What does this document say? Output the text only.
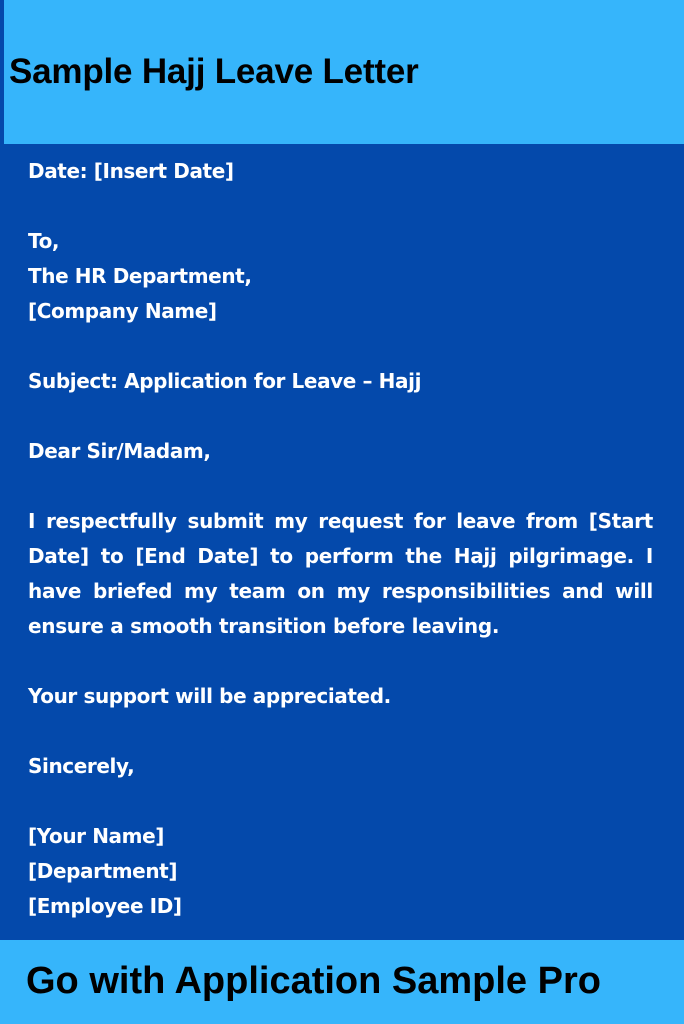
Sample Hajj Leave Letter

Date: [Insert Date]

To,
The HR Department,
[Company Name]

Subject: Application for Leave – Hajj

Dear Sir/Madam,

I respectfully submit my request for leave from [Start Date] to [End Date] to perform the Hajj pilgrimage. I have briefed my team on my responsibilities and will ensure a smooth transition before leaving.

Your support will be appreciated.

Sincerely,

[Your Name]
[Department]
[Employee ID]

Go with Application Sample Pro
